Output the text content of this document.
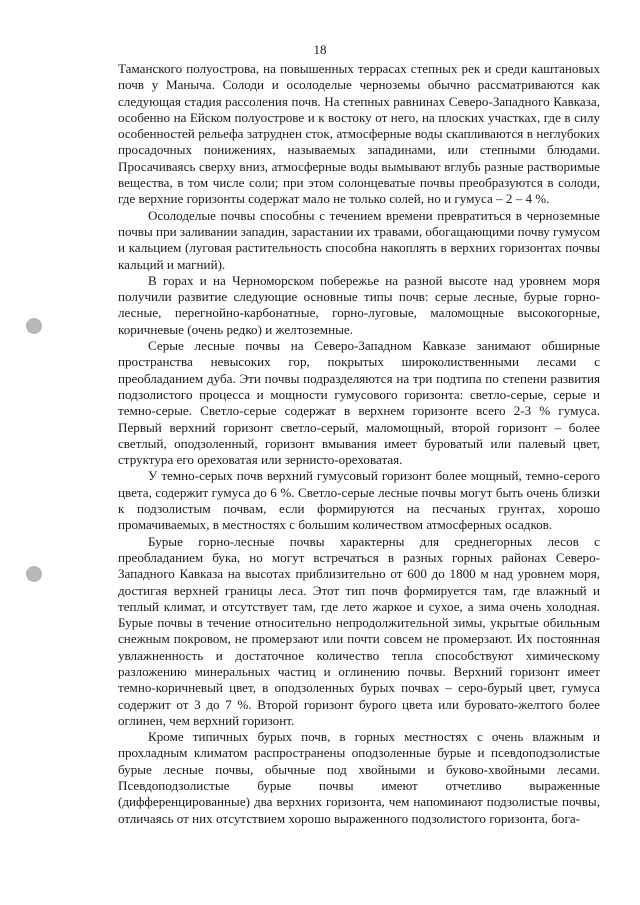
18

Таманского полуострова, на повышенных террасах степных рек и среди каштановых почв у Маныча. Солоди и осолоделые черноземы обычно рассматриваются как следующая стадия рассоления почв. На степных равнинах Северо-Западного Кавказа, особенно на Ейском полуострове и к востоку от него, на плоских участках, где в силу особенностей рельефа затруднен сток, атмосферные воды скапливаются в неглубоких просадочных понижениях, называемых западинами, или степными блюдами. Просачиваясь сверху вниз, атмосферные воды вымывают вглубь разные растворимые вещества, в том числе соли; при этом солонцеватые почвы преобразуются в солоди, где верхние горизонты содержат мало не только солей, но и гумуса – 2 – 4 %.

Осолоделые почвы способны с течением времени превратиться в черноземные почвы при заливании западин, зарастании их травами, обогащающими почву гумусом и кальцием (луговая растительность способна накоплять в верхних горизонтах почвы кальций и магний).

В горах и на Черноморском побережье на разной высоте над уровнем моря получили развитие следующие основные типы почв: серые лесные, бурые горно-лесные, перегнойно-карбонатные, горно-луговые, маломощные высокогорные, коричневые (очень редко) и желтоземные.

Серые лесные почвы на Северо-Западном Кавказе занимают обширные пространства невысоких гор, покрытых широколиственными лесами с преобладанием дуба. Эти почвы подразделяются на три подтипа по степени развития подзолистого процесса и мощности гумусового горизонта: светло-серые, серые и темно-серые. Светло-серые содержат в верхнем горизонте всего 2-3 % гумуса. Первый верхний горизонт светло-серый, маломощный, второй горизонт – более светлый, оподзоленный, горизонт вмывания имеет буроватый или палевый цвет, структура его ореховатая или зернисто-ореховатая.

У темно-серых почв верхний гумусовый горизонт более мощный, темно-серого цвета, содержит гумуса до 6 %. Светло-серые лесные почвы могут быть очень близки к подзолистым почвам, если формируются на песчаных грунтах, хорошо промачиваемых, в местностях с большим количеством атмосферных осадков.

Бурые горно-лесные почвы характерны для среднегорных лесов с преобладанием бука, но могут встречаться в разных горных районах Северо-Западного Кавказа на высотах приблизительно от 600 до 1800 м над уровнем моря, достигая верхней границы леса. Этот тип почв формируется там, где влажный и теплый климат, и отсутствует там, где лето жаркое и сухое, а зима очень холодная. Бурые почвы в течение относительно непродолжительной зимы, укрытые обильным снежным покровом, не промерзают или почти совсем не промерзают. Их постоянная увлажненность и достаточное количество тепла способствуют химическому разложению минеральных частиц и оглинению почвы. Верхний горизонт имеет темно-коричневый цвет, в оподзоленных бурых почвах – серо-бурый цвет, гумуса содержит от 3 до 7 %. Второй горизонт бурого цвета или буровато-желтого более оглинен, чем верхний горизонт.

Кроме типичных бурых почв, в горных местностях с очень влажным и прохладным климатом распространены оподзоленные бурые и псевдоподзолистые бурые лесные почвы, обычные под хвойными и буково-хвойными лесами. Псевдоподзолистые бурые почвы имеют отчетливо выраженные (дифференцированные) два верхних горизонта, чем напоминают подзолистые почвы, отличаясь от них отсутствием хорошо выраженного подзолистого горизонта, бога-
